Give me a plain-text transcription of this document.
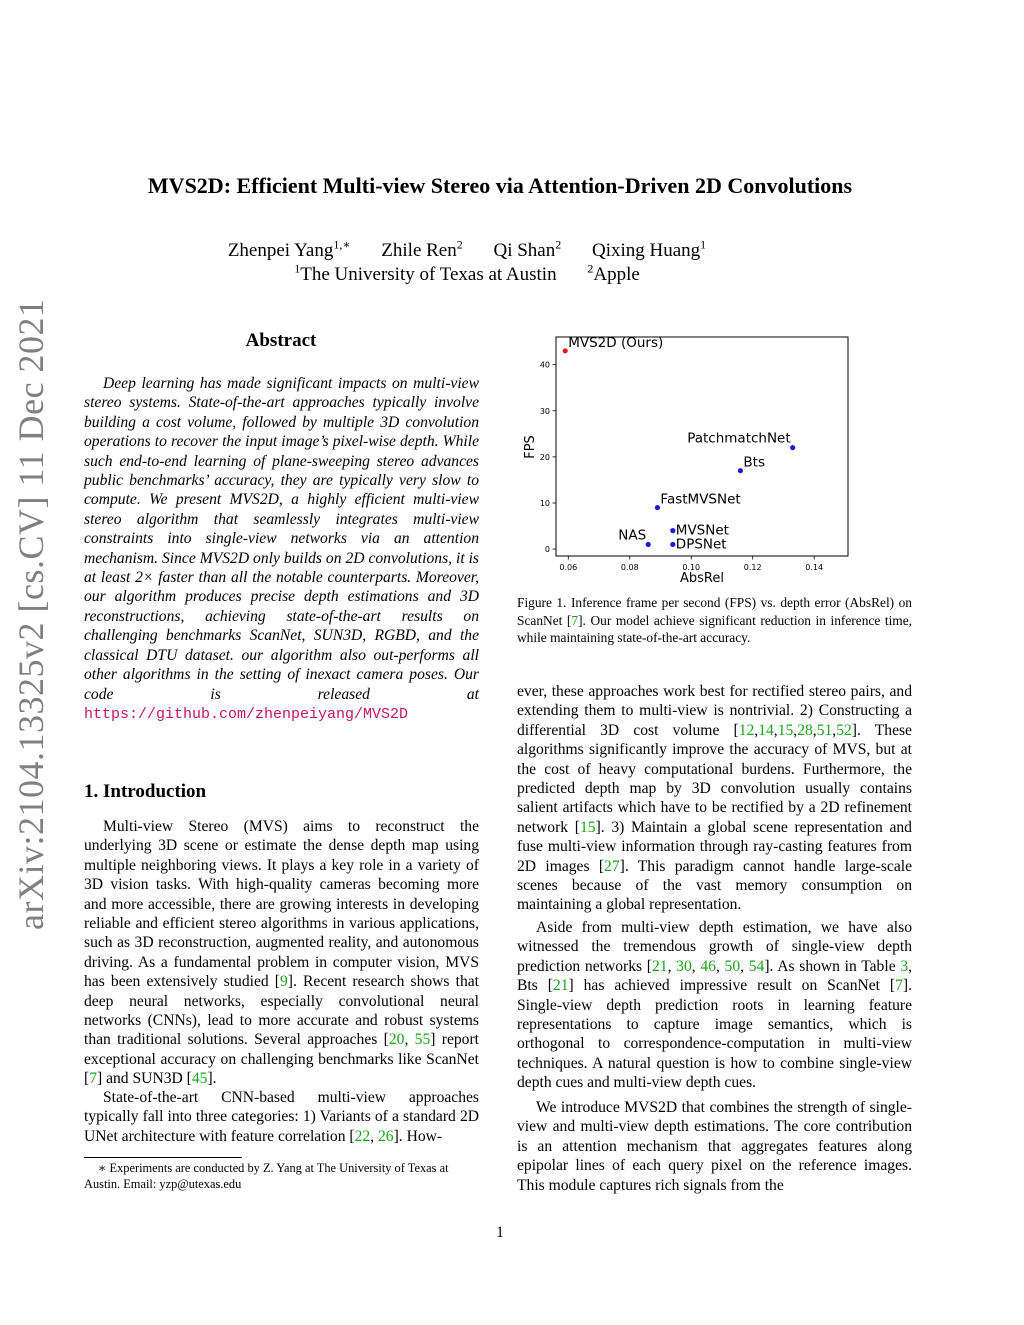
arXiv:2104.13325v2 [cs.CV] 11 Dec 2021
MVS2D: Efficient Multi-view Stereo via Attention-Driven 2D Convolutions
Zhenpei Yang$^{1,∗}$ Zhile Ren$^2$ Qi Shan$^2$ Qixing Huang$^1$
$^1$The University of Texas at Austin	$^2$Apple
Abstract
Deep learning has made significant impacts on multi-view stereo systems. State-of-the-art approaches typically involve building a cost volume, followed by multiple 3D convolution operations to recover the input image’s pixel-wise depth. While such end-to-end learning of plane-sweeping stereo advances public benchmarks’ accuracy, they are typically very slow to compute. We present MVS2D, a highly efficient multi-view stereo algorithm that seamlessly integrates multi-view constraints into single-view networks via an attention mechanism. Since MVS2D only builds on 2D convolutions, it is at least 2× faster than all the notable counterparts. Moreover, our algorithm produces precise depth estimations and 3D reconstructions, achieving state-of-the-art results on challenging benchmarks ScanNet, SUN3D, RGBD, and the classical DTU dataset. our algorithm also out-performs all other algorithms in the setting of inexact camera poses. Our code is released at https://github.com/zhenpeiyang/MVS2D
1. Introduction
Multi-view Stereo (MVS) aims to reconstruct the underlying 3D scene or estimate the dense depth map using multiple neighboring views. It plays a key role in a variety of 3D vision tasks. With high-quality cameras becoming more and more accessible, there are growing interests in developing reliable and efficient stereo algorithms in various applications, such as 3D reconstruction, augmented reality, and autonomous driving. As a fundamental problem in computer vision, MVS has been extensively studied [9]. Recent research shows that deep neural networks, especially convolutional neural networks (CNNs), lead to more accurate and robust systems than traditional solutions. Several approaches [20, 55] report exceptional accuracy on challenging benchmarks like ScanNet [7] and SUN3D [45].
State-of-the-art CNN-based multi-view approaches typically fall into three categories: 1) Variants of a standard 2D UNet architecture with feature correlation [22, 26]. How-
∗ Experiments are conducted by Z. Yang at The University of Texas at Austin. Email: yzp@utexas.edu
0.06	0.08	0.10	0.12	0.14
0
10
20
30
40
MVS2D (Ours)
PatchmatchNet
Bts
FastMVSNet
MVSNet
NAS
DPSNet
AbsRel
FPS
Figure 1. Inference frame per second (FPS) vs. depth error (AbsRel) on ScanNet [7]. Our model achieve significant reduction in inference time, while maintaining state-of-the-art accuracy.
ever, these approaches work best for rectified stereo pairs, and extending them to multi-view is nontrivial. 2) Constructing a differential 3D cost volume [12,14,15,28,51,52]. These algorithms significantly improve the accuracy of MVS, but at the cost of heavy computational burdens. Furthermore, the predicted depth map by 3D convolution usually contains salient artifacts which have to be rectified by a 2D refinement network [15]. 3) Maintain a global scene representation and fuse multi-view information through ray-casting features from 2D images [27]. This paradigm cannot handle large-scale scenes because of the vast memory consumption on maintaining a global representation.
Aside from multi-view depth estimation, we have also witnessed the tremendous growth of single-view depth prediction networks [21, 30, 46, 50, 54]. As shown in Table 3, Bts [21] has achieved impressive result on ScanNet [7]. Single-view depth prediction roots in learning feature representations to capture image semantics, which is orthogonal to correspondence-computation in multi-view techniques. A natural question is how to combine single-view depth cues and multi-view depth cues.
We introduce MVS2D that combines the strength of single-view and multi-view depth estimations. The core contribution is an attention mechanism that aggregates features along epipolar lines of each query pixel on the reference images. This module captures rich signals from the
1
